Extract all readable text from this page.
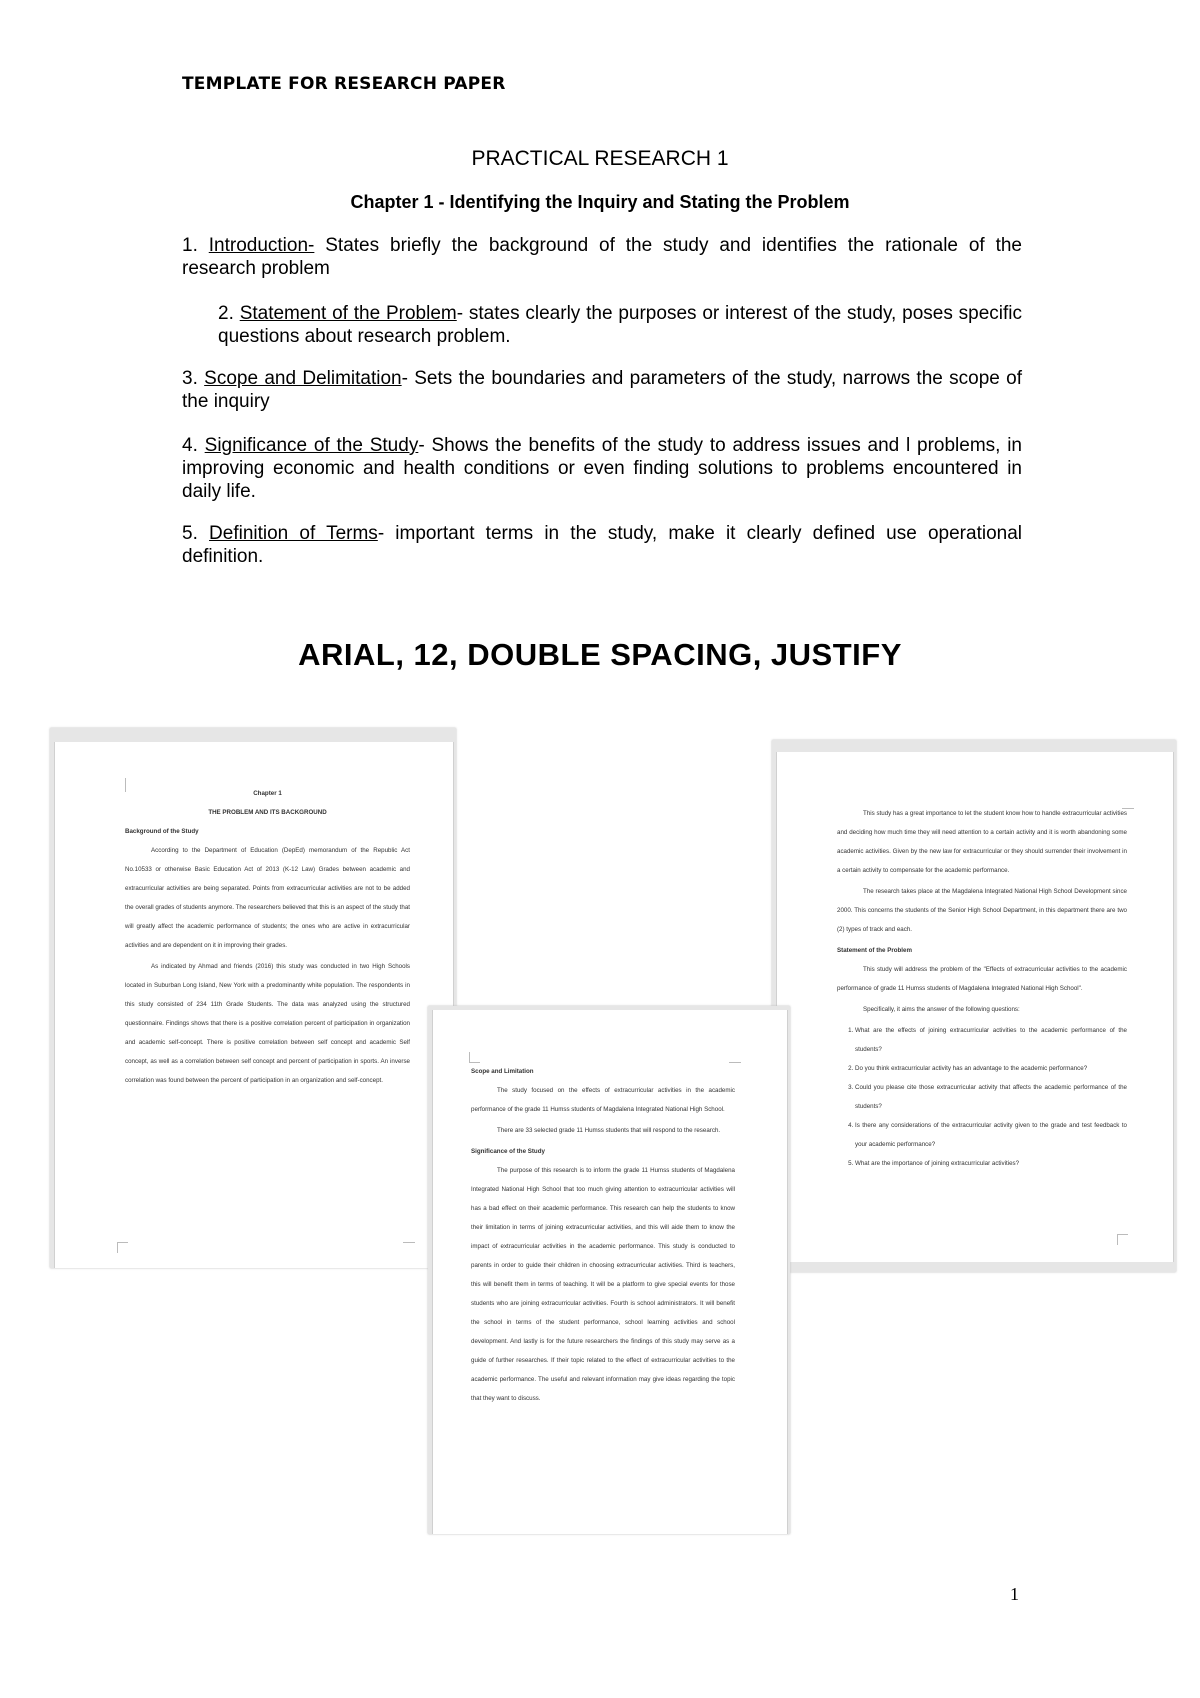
TEMPLATE FOR RESEARCH PAPER
PRACTICAL RESEARCH 1
Chapter 1 - Identifying the Inquiry and Stating the Problem
1. Introduction- States briefly the background of the study and identifies the rationale of the research problem
2. Statement of the Problem- states clearly the purposes or interest of the study, poses specific questions about research problem.
3. Scope and Delimitation- Sets the boundaries and parameters of the study, narrows the scope of the inquiry
4. Significance of the Study- Shows the benefits of the study to address issues and l problems, in improving economic and health conditions or even finding solutions to problems encountered in daily life.
5. Definition of Terms- important terms in the study, make it clearly defined use operational definition.
ARIAL, 12, DOUBLE SPACING, JUSTIFY
Chapter 1
THE PROBLEM AND ITS BACKGROUND
Background of the Study

According to the Department of Education (DepEd) memorandum of the Republic Act No.10533 or otherwise Basic Education Act of 2013 (K-12 Law) Grades between academic and extracurricular activities are being separated. Points from extracurricular activities are not to be added the overall grades of students anymore. The researchers believed that this is an aspect of the study that will greatly affect the academic performance of students; the ones who are active in extracurricular activities and are dependent on it in improving their grades.

As indicated by Ahmad and friends (2016) this study was conducted in two High Schools located in Suburban Long Island, New York with a predominantly white population. The respondents in this study consisted of 234 11th Grade Students. The data was analyzed using the structured questionnaire. Findings shows that there is a positive correlation percent of participation in organization and academic self-concept. There is positive correlation between self concept and academic Self concept, as well as a correlation between self concept and percent of participation in sports. An inverse correlation was found between the percent of participation in an organization and self-concept.

This study has a great importance to let the student know how to handle extracurricular activities and deciding how much time they will need attention to a certain activity and it is worth abandoning some academic activities. Given by the new law for extracurricular or they should surrender their involvement in a certain activity to compensate for the academic performance.

The research takes place at the Magdalena Integrated National High School Development since 2000. This concerns the students of the Senior High School Department, in this department there are two (2) types of track and each.

Statement of the Problem

This study will address the problem of the "Effects of extracurricular activities to the academic performance of grade 11 Humss students of Magdalena Integrated National High School".

Specifically, it aims the answer of the following questions:

1. What are the effects of joining extracurricular activities to the academic performance of the students?
2. Do you think extracurricular activity has an advantage to the academic performance?
3. Could you please cite those extracurricular activity that affects the academic performance of the students?
4. Is there any considerations of the extracurricular activity given to the grade and test feedback to your academic performance?
5. What are the importance of joining extracurricular activities?
Scope and Limitation

The study focused on the effects of extracurricular activities in the academic performance of the grade 11 Humss students of Magdalena Integrated National High School.

There are 33 selected grade 11 Humss students that will respond to the research.

Significance of the Study

The purpose of this research is to inform the grade 11 Humss students of Magdalena Integrated National High School that too much giving attention to extracurricular activities will has a bad effect on their academic performance. This research can help the students to know their limitation in terms of joining extracurricular activities, and this will aide them to know the impact of extracurricular activities in the academic performance. This study is conducted to parents in order to guide their children in choosing extracurricular activities. Third is teachers, this will benefit them in terms of teaching. It will be a platform to give special events for those students who are joining extracurricular activities. Fourth is school administrators. It will benefit the school in terms of the student performance, school learning activities and school development. And lastly is for the future researchers the findings of this study may serve as a guide of further researches. If their topic related to the effect of extracurricular activities to the academic performance. The useful and relevant information may give ideas regarding the topic that they want to discuss.

1
